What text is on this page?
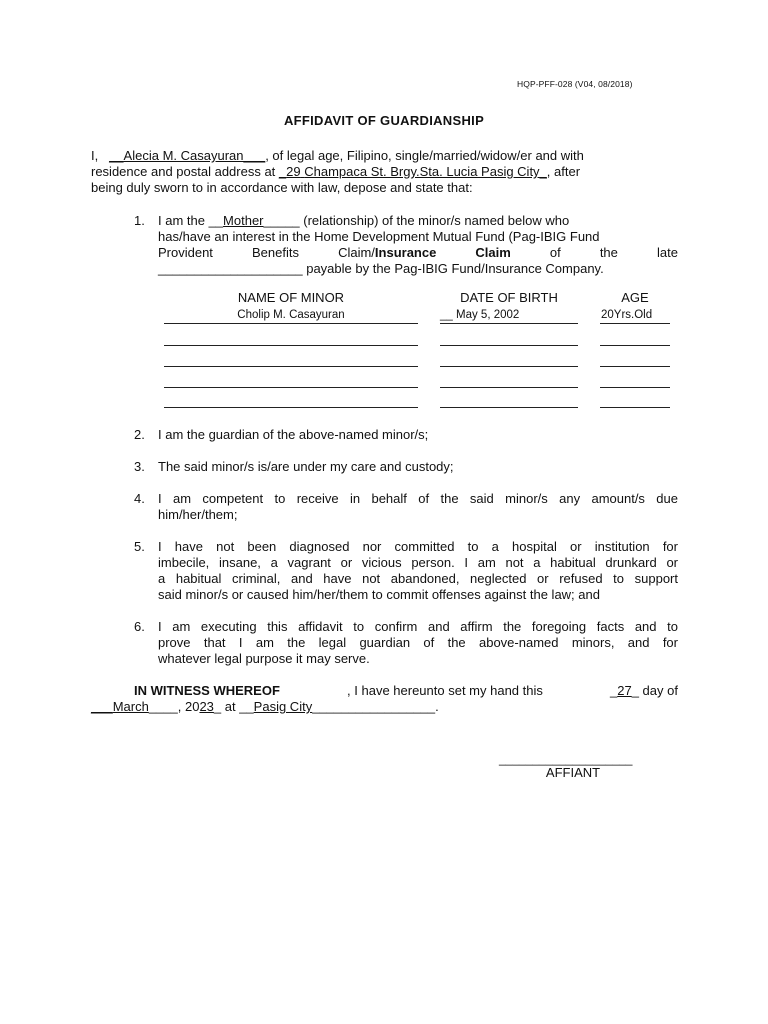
HQP-PFF-028 (V04, 08/2018)
AFFIDAVIT OF GUARDIANSHIP
I, __Alecia M. Casayuran___, of legal age, Filipino, single/married/widow/er and with
residence and postal address at _29 Champaca St. Brgy.Sta. Lucia Pasig City_, after
being duly sworn to in accordance with law, depose and state that:
1. I am the __Mother_____ (relationship) of the minor/s named below who
has/have an interest in the Home Development Mutual Fund (Pag-IBIG Fund
Provident	Benefits	Claim/Insurance	Claim	of	the	late
____________________ payable by the Pag-IBIG Fund/Insurance Company.
NAME OF MINOR	DATE OF BIRTH	AGE
Cholip M. Casayuran	__ May 5, 2002	20Yrs.Old
2. I am the guardian of the above-named minor/s;
3. The said minor/s is/are under my care and custody;
4. I am competent to receive in behalf of the said minor/s any amount/s due
him/her/them;
5. I have not been diagnosed nor committed to a hospital or institution for
imbecile, insane, a vagrant or vicious person. I am not a habitual drunkard or
a habitual criminal, and have not abandoned, neglected or refused to support
said minor/s or caused him/her/them to commit offenses against the law; and
6. I am executing this affidavit to confirm and affirm the foregoing facts and to
prove that I am the legal guardian of the above-named minors, and for
whatever legal purpose it may serve.
IN WITNESS WHEREOF	, I have hereunto set my hand this	_27_ day of
___March____, 2023_ at __Pasig City_________________.
____________________
AFFIANT
